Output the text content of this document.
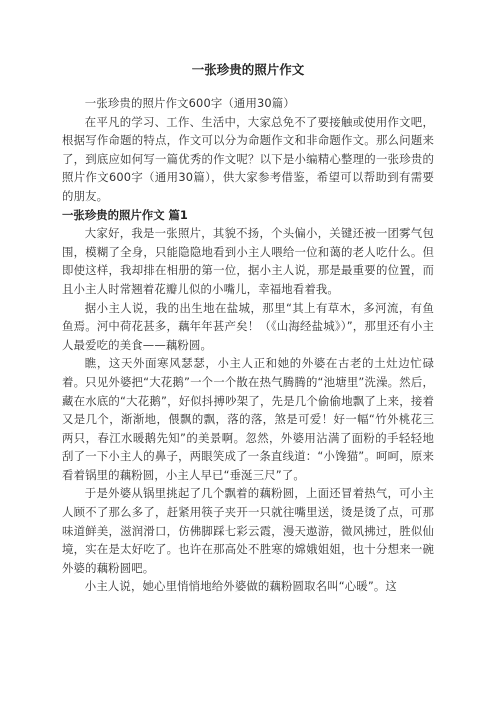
一张珍贵的照片作文

一张珍贵的照片作文600字（通用30篇）

在平凡的学习、工作、生活中，大家总免不了要接触或使用作文吧，根据写作命题的特点，作文可以分为命题作文和非命题作文。那么问题来了，到底应如何写一篇优秀的作文呢？以下是小编精心整理的一张珍贵的照片作文600字（通用30篇），供大家参考借鉴，希望可以帮助到有需要的朋友。

一张珍贵的照片作文 篇1

大家好，我是一张照片，其貌不扬，个头偏小，关键还被一团雾气包围，模糊了全身，只能隐隐地看到小主人喂给一位和蔼的老人吃什么。但即使这样，我却排在相册的第一位，据小主人说，那是最重要的位置，而且小主人时常翘着花瓣儿似的小嘴儿，幸福地看着我。

据小主人说，我的出生地在盐城，那里“其上有草木，多河流，有鱼鱼焉。河中荷花甚多，藕年年甚产矣！（《山海经盐城》）”，那里还有小主人最爱吃的美食——藕粉圆。

瞧，这天外面寒风瑟瑟，小主人正和她的外婆在古老的土灶边忙碌着。只见外婆把“大花鹅”一个一个散在热气腾腾的“池塘里”洗澡。然后，藏在水底的“大花鹅”，好似抖搏吵架了，先是几个偷偷地飘了上来，接着又是几个，渐渐地，偎飘的飘，落的落，煞是可爱！好一幅“竹外桃花三两只，春江水暖鹅先知”的美景啊。忽然，外婆用沾满了面粉的手轻轻地刮了一下小主人的鼻子，两眼笑成了一条直线道：“小馋猫”。呵呵，原来看着锅里的藕粉圆，小主人早已“垂涎三尺”了。

于是外婆从锅里挑起了几个飘着的藕粉圆，上面还冒着热气，可小主人顾不了那么多了，赶紧用筷子夹开一只就往嘴里送，烫是烫了点，可那味道鲜美，滋润滑口，仿佛脚踩七彩云霞，漫天遨游，微风拂过，胜似仙境，实在是太好吃了。也许在那高处不胜寒的嫦娥姐姐，也十分想来一碗外婆的藕粉圆吧。

小主人说，她心里悄悄地给外婆做的藕粉圆取名叫“心暖”。这
